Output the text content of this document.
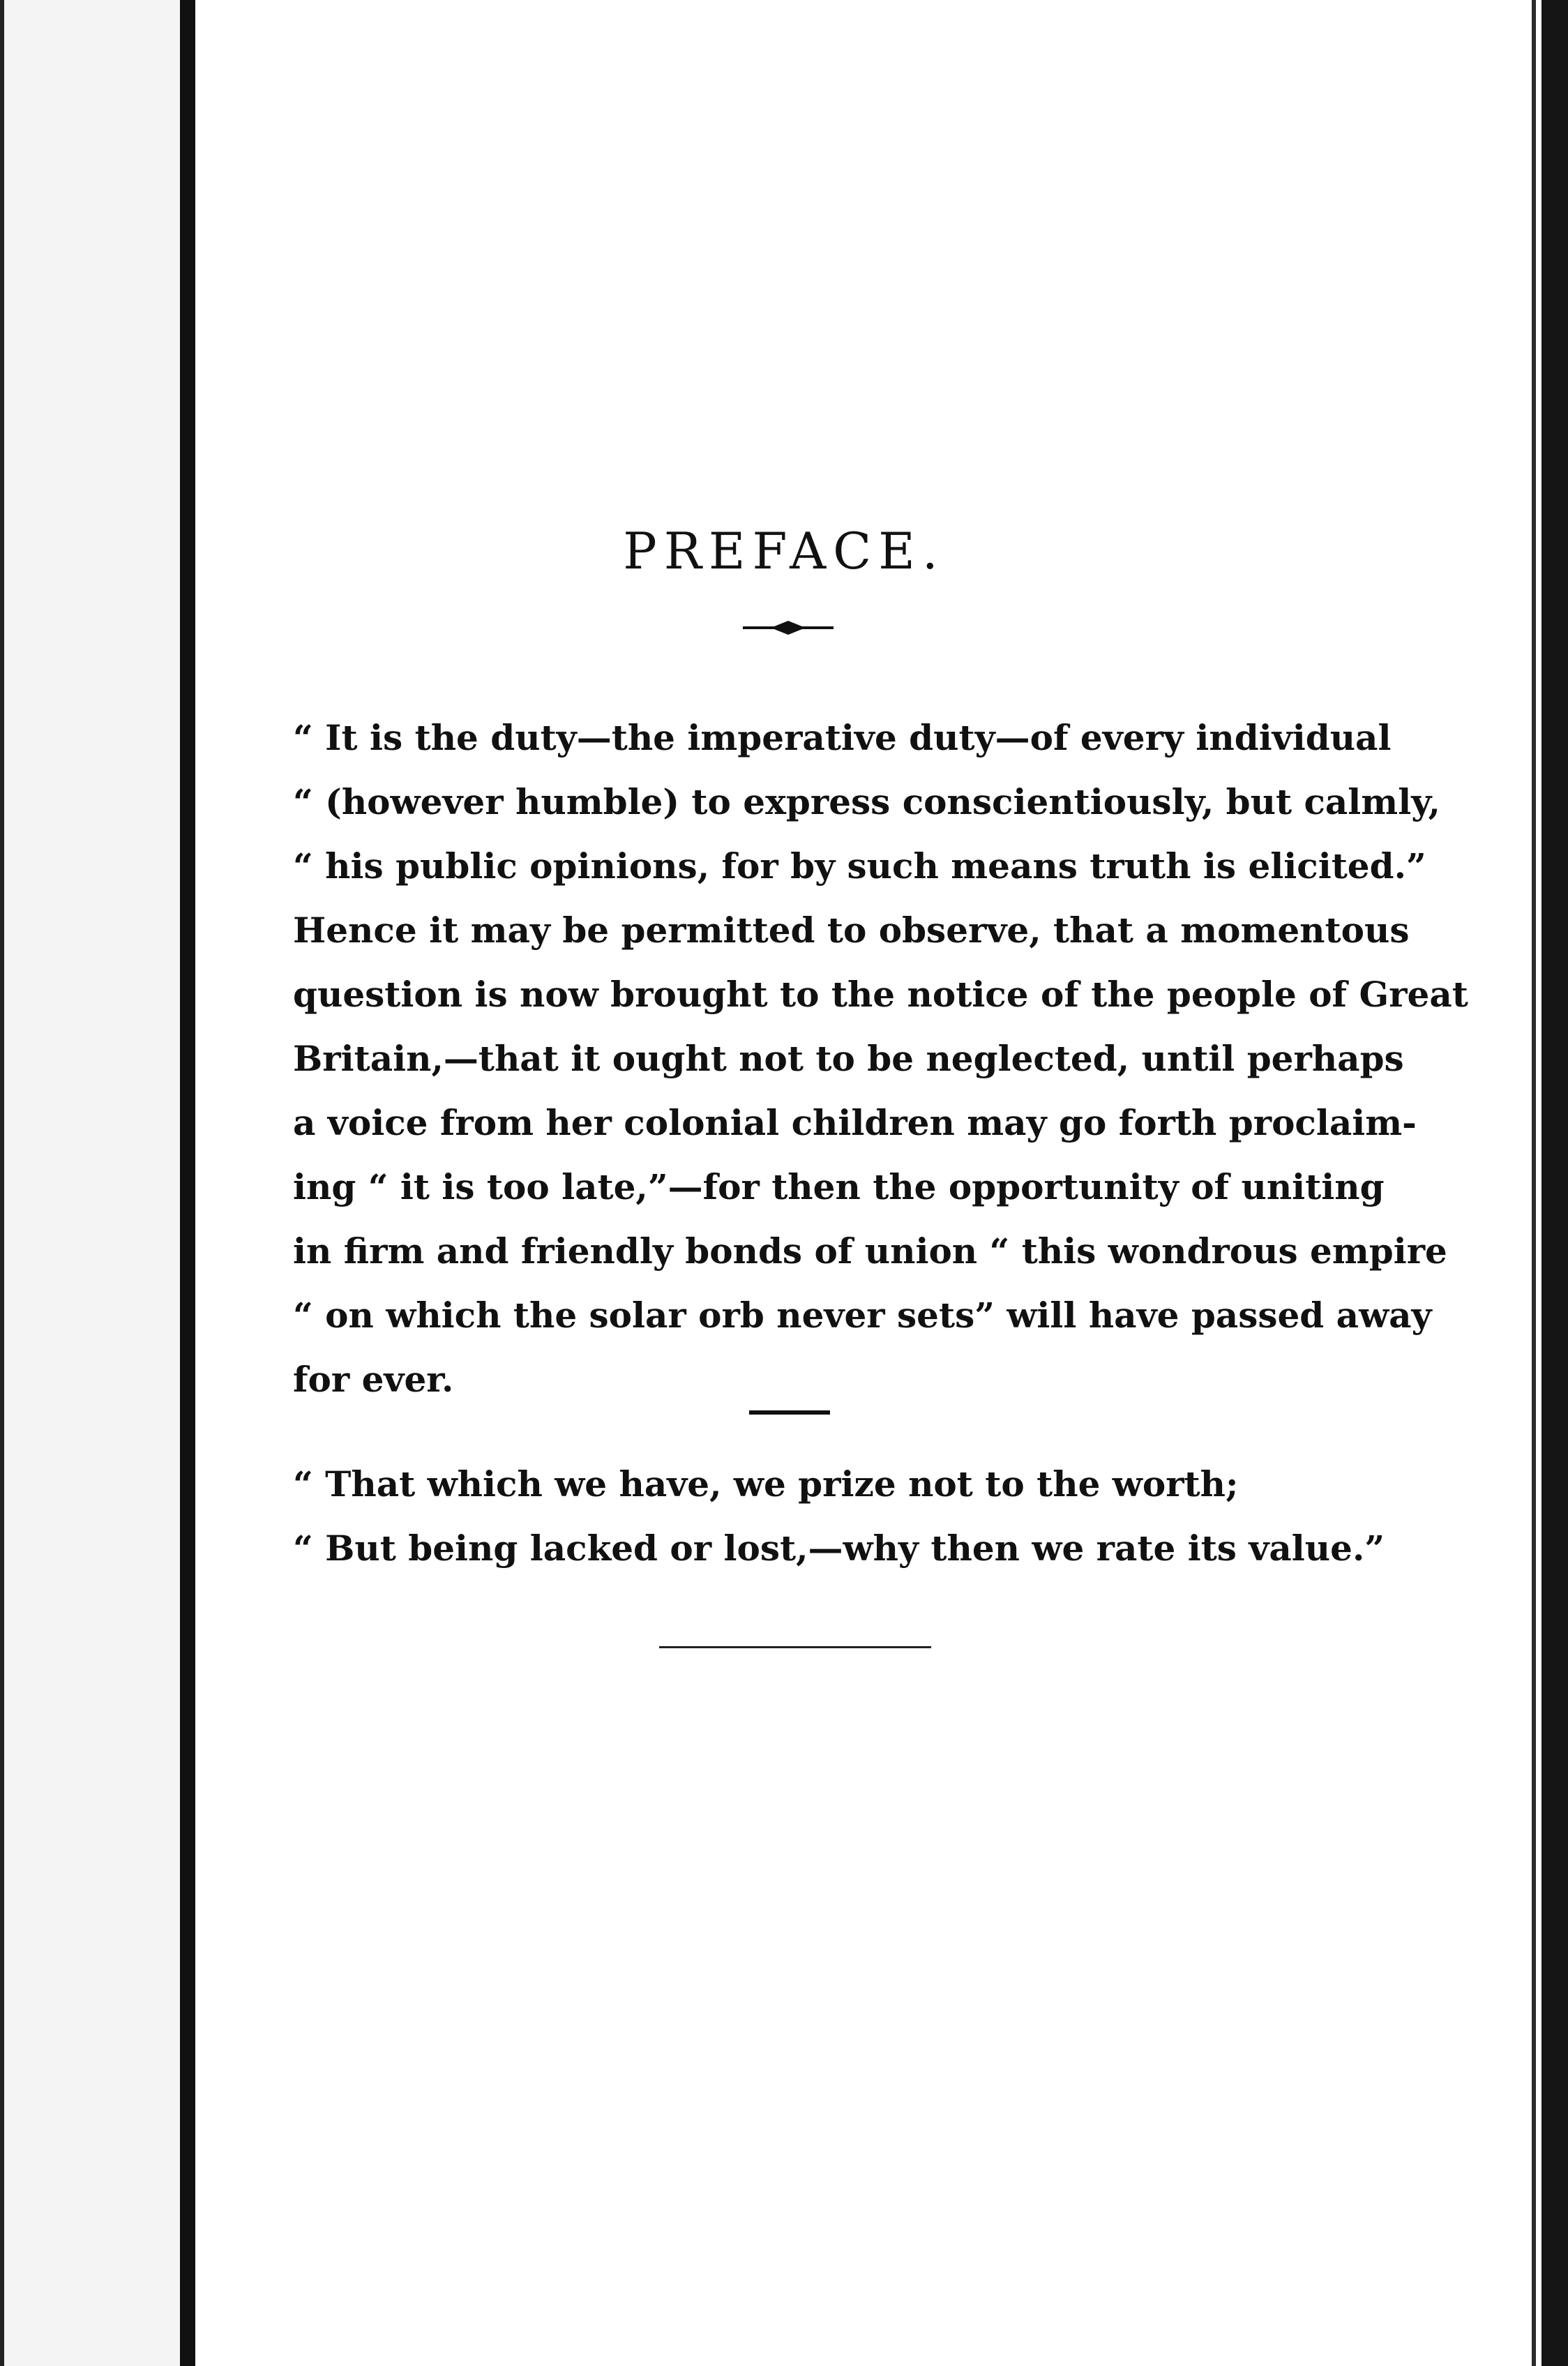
PREFACE.
“ It is the duty—the imperative duty—of every individual
“ (however humble) to express conscientiously, but calmly,
“ his public opinions, for by such means truth is elicited.”
Hence it may be permitted to observe, that a momentous
question is now brought to the notice of the people of Great
Britain,—that it ought not to be neglected, until perhaps
a voice from her colonial children may go forth proclaim-
ing “ it is too late,”—for then the opportunity of uniting
in firm and friendly bonds of union “ this wondrous empire
“ on which the solar orb never sets” will have passed away
for ever.
“ That which we have, we prize not to the worth;
“ But being lacked or lost,—why then we rate its value.”
